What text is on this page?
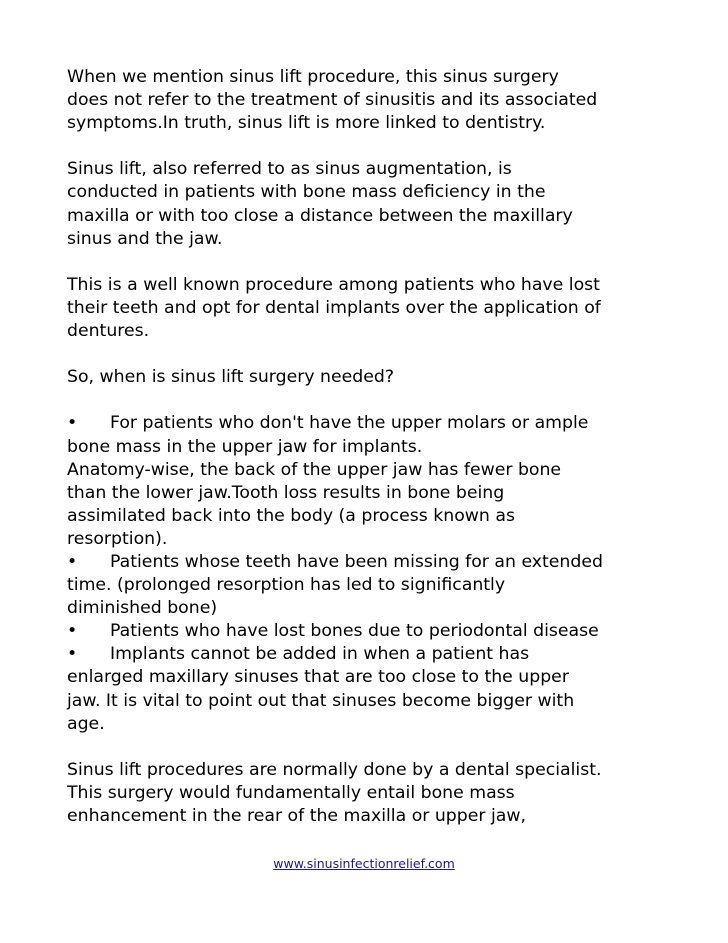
When we mention sinus lift procedure, this sinus surgery
does not refer to the treatment of sinusitis and its associated
symptoms.In truth, sinus lift is more linked to dentistry.
Sinus lift, also referred to as sinus augmentation, is
conducted in patients with bone mass deficiency in the
maxilla or with too close a distance between the maxillary
sinus and the jaw.
This is a well known procedure among patients who have lost
their teeth and opt for dental implants over the application of
dentures.
So, when is sinus lift surgery needed?
• For patients who don't have the upper molars or ample
bone mass in the upper jaw for implants.
Anatomy-wise, the back of the upper jaw has fewer bone
than the lower jaw.Tooth loss results in bone being
assimilated back into the body (a process known as
resorption).
• Patients whose teeth have been missing for an extended
time. (prolonged resorption has led to significantly
diminished bone)
• Patients who have lost bones due to periodontal disease
• Implants cannot be added in when a patient has
enlarged maxillary sinuses that are too close to the upper
jaw. It is vital to point out that sinuses become bigger with
age.
Sinus lift procedures are normally done by a dental specialist.
This surgery would fundamentally entail bone mass
enhancement in the rear of the maxilla or upper jaw,
www.sinusinfectionrelief.com
